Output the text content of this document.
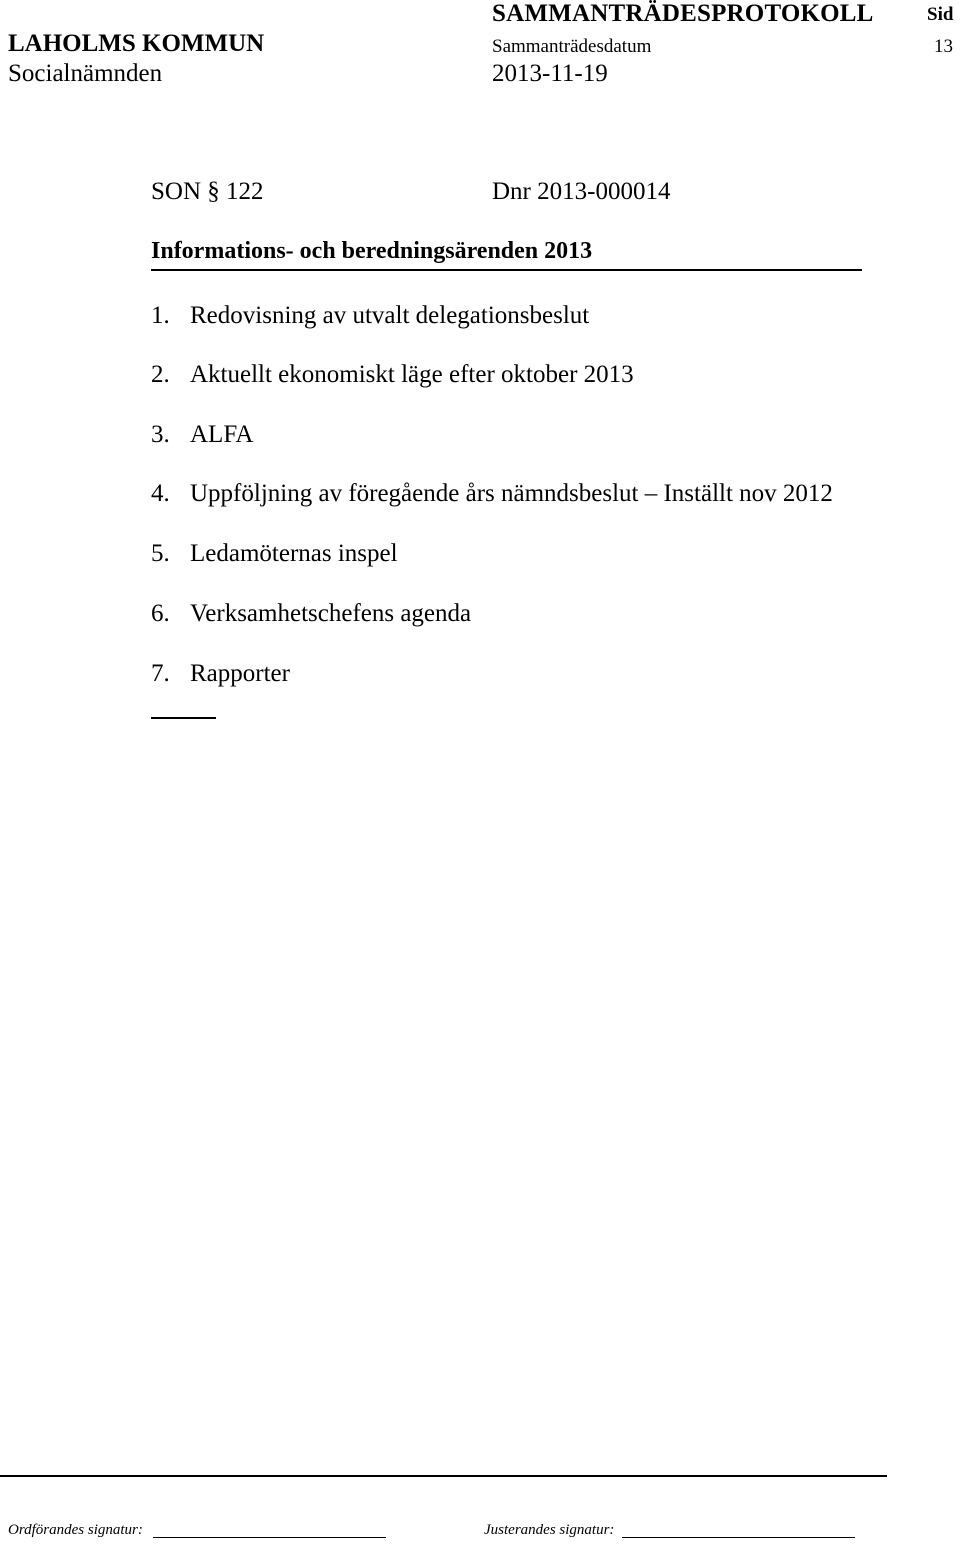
SAMMANTRÄDESPROTOKOLL	Sid
LAHOLMS KOMMUN	Sammanträdesdatum	13
Socialnämnden	2013-11-19
SON § 122	Dnr 2013-000014
Informations- och beredningsärenden 2013
1. Redovisning av utvalt delegationsbeslut
2. Aktuellt ekonomiskt läge efter oktober 2013
3. ALFA
4. Uppföljning av föregående års nämndsbeslut – Inställt nov 2012
5. Ledamöternas inspel
6. Verksamhetschefens agenda
7. Rapporter
Ordförandes signatur:	Justerandes signatur:
